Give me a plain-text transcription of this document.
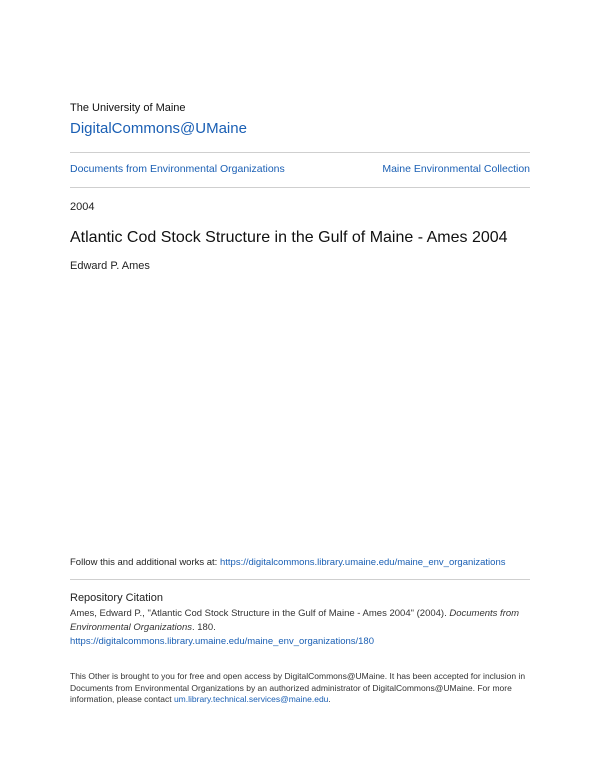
The University of Maine
DigitalCommons@UMaine
Documents from Environmental Organizations	Maine Environmental Collection
2004
Atlantic Cod Stock Structure in the Gulf of Maine - Ames 2004
Edward P. Ames
Follow this and additional works at: https://digitalcommons.library.umaine.edu/maine_env_organizations
Repository Citation
Ames, Edward P., "Atlantic Cod Stock Structure in the Gulf of Maine - Ames 2004" (2004). Documents from Environmental Organizations. 180.
https://digitalcommons.library.umaine.edu/maine_env_organizations/180
This Other is brought to you for free and open access by DigitalCommons@UMaine. It has been accepted for inclusion in Documents from Environmental Organizations by an authorized administrator of DigitalCommons@UMaine. For more information, please contact um.library.technical.services@maine.edu.
